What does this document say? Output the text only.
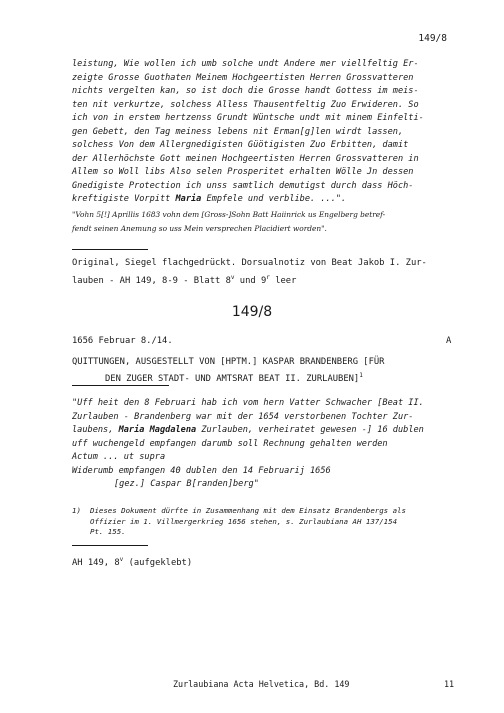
149/8

leistung, Wie wollen ich umb solche undt Andere mer viellfeltig Er-

zeigte Grosse Guothaten Meinem Hochgeertisten Herren Grossvatteren

nichts vergelten kan, so ist doch die Grosse handt Gottess im meis-

ten nit verkurtze, solchess Alless Thausentfeltig Zuo Erwideren. So

ich von in erstem hertzenss Grundt Wüntsche undt mit minem Einfelti-

gen Gebett, den Tag meiness lebens nit Erman[g]len wirdt lassen,

solchess Von dem Allergnedigisten Güötigisten Zuo Erbitten, damit

der Allerhöchste Gott meinen Hochgeertisten Herren Grossvatteren in

Allem so Woll libs Also selen Prosperitet erhalten Wölle Jn dessen

Gnedigiste Protection ich unss samtlich demutigst durch dass Höch-

kreftigiste Vorpitt Maria Empfele und verblibe. ...".

"Vohn 5[!] Aprillis 1683 vohn dem [Gross-]Sohn Batt Haiinrick us Engelberg betref-
fendt seinen Anemung so uss Mein versprechen Placidiert worden".
Original, Siegel flachgedrückt. Dorsualnotiz von Beat Jakob I. Zur-
lauben - AH 149, 8-9 - Blatt 8$^v$ und 9$^r$ leer
149/8
1656 Februar 8./14.	A
QUITTUNGEN, AUSGESTELLT VON [HPTM.] KASPAR BRANDENBERG [FÜR
DEN ZUGER STADT- UND AMTSRAT BEAT II. ZURLAUBEN]$^1$

"Uff heit den 8 Februari hab ich vom hern Vatter Schwacher [Beat II.

Zurlauben - Brandenberg war mit der 1654 verstorbenen Tochter Zur-

laubens, Maria Magdalena Zurlauben, verheiratet gewesen -] 16 dublen

uff wuchengeld empfangen darumb soll Rechnung gehalten werden

Actum ... ut supra

Widerumb empfangen 40 dublen den 14 Februarij 1656

[gez.] Caspar B[randen]berg"

1) Dieses Dokument dürfte in Zusammenhang mit dem Einsatz Brandenbergs als
Offizier im 1. Villmergerkrieg 1656 stehen, s. Zurlaubiana AH 137/154
Pt. 155.
AH 149, 8$^v$ (aufgeklebt)
Zurlaubiana Acta Helvetica, Bd. 149	11
